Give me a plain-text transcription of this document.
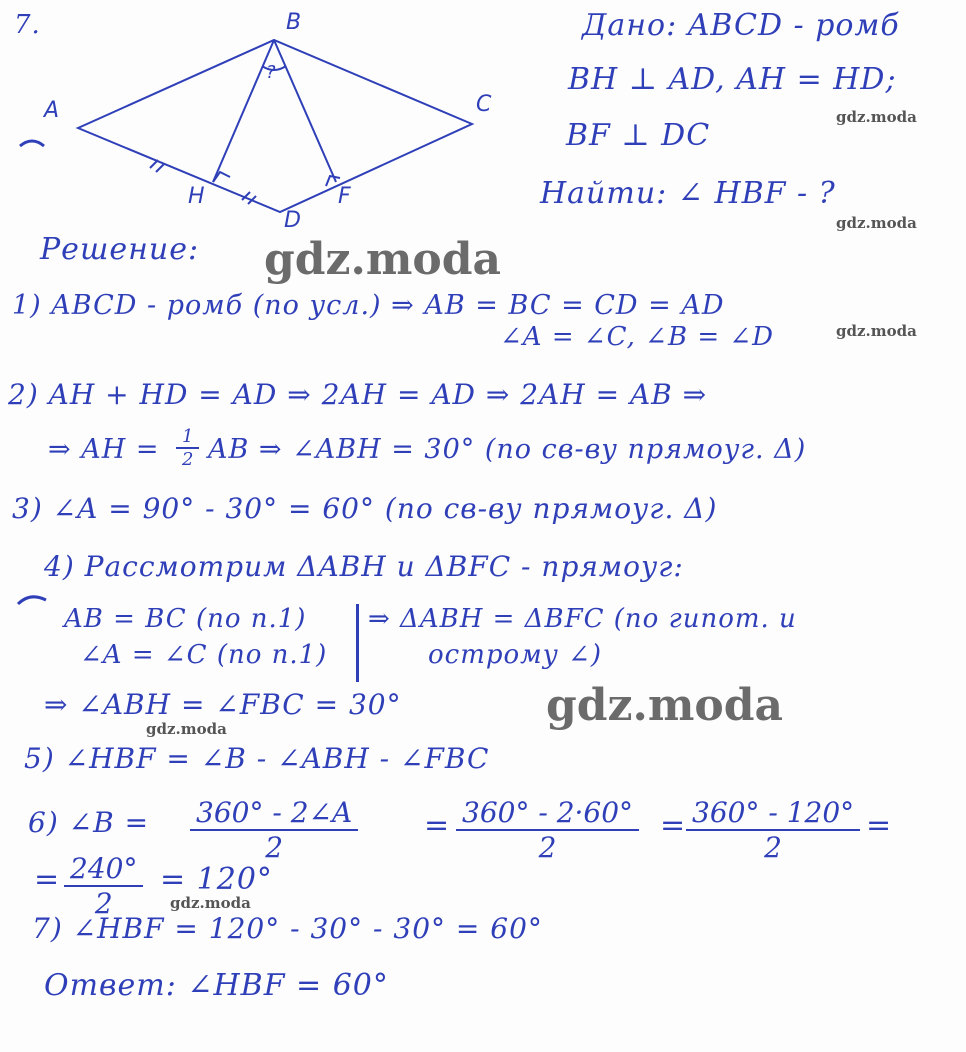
7.
A
B
C
D
H	F
?
Дано: ABCD - ромб
BH ⊥ AD, AH = HD;
BF ⊥ DC
Найти: ∠ HBF - ?
Решение:
1) ABCD - ромб (по усл.) ⇒ AB = BC = CD = AD
∠A = ∠C, ∠B = ∠D
2) AH + HD = AD ⇒ 2AH = AD ⇒ 2AH = AB ⇒
⇒ AH = $\frac{1}{2}$ AB ⇒ ∠ABH = 30° (по св-ву прямоуг. Δ)
3) ∠A = 90° - 30° = 60° (по св-ву прямоуг. Δ)
4) Рассмотрим ΔABH и ΔBFC - прямоуг:
AB = BC (по п.1)
∠A = ∠C (по п.1)
⇒ ΔABH = ΔBFC (по гипот. и
острому ∠)
⇒ ∠ABH = ∠FBC = 30°
5) ∠HBF = ∠B - ∠ABH - ∠FBC
6) ∠B = $\frac{360^\circ - 2\angle A}{2} = \frac{360^\circ - 2\cdot 60^\circ}{2} = \frac{360^\circ - 120^\circ}{2}$ =
= $\frac{240^\circ}{2} = 120^\circ$
7) ∠HBF = 120° - 30° - 30° = 60°
Ответ: ∠HBF = 60°
gdz.moda
gdz.moda
gdz.moda
gdz.moda
gdz.moda
gdz.moda
gdz.moda
